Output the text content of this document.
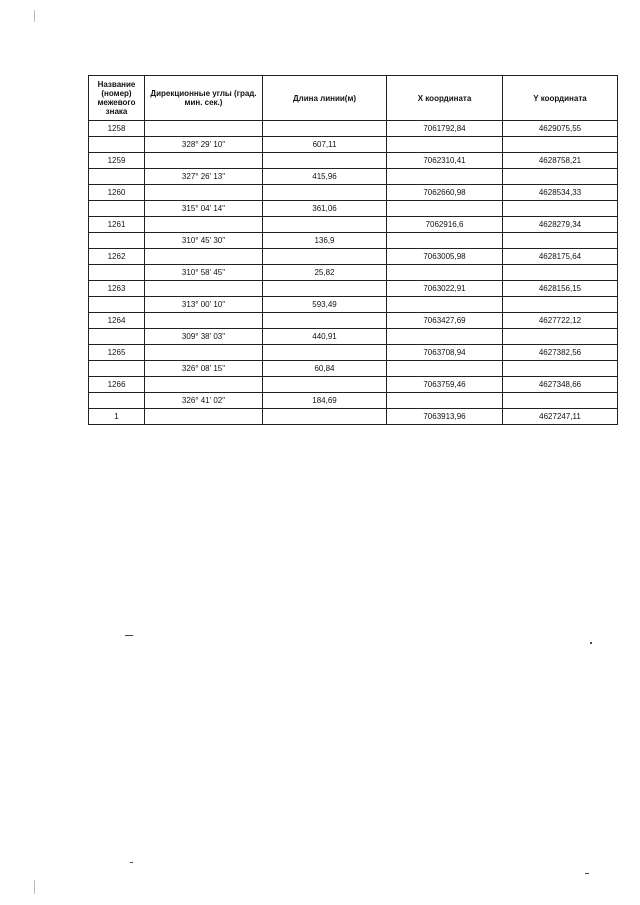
Название (номер) межевого знака	Дирекционные углы (град. мин. сек.)	Длина линии(м)	X координата	Y координата
1258			7061792,84	4629075,55
	328° 29' 10"	607,11		
1259			7062310,41	4628758,21
	327° 26' 13"	415,96		
1260			7062660,98	4628534,33
	315° 04' 14"	361,06		
1261			7062916,6	4628279,34
	310° 45' 30"	136,9		
1262			7063005,98	4628175,64
	310° 58' 45"	25,82		
1263			7063022,91	4628156,15
	313° 00' 10"	593,49		
1264			7063427,69	4627722,12
	309° 38' 03"	440,91		
1265			7063708,94	4627382,56
	326° 08' 15"	60,84		
1266			7063759,46	4627348,66
	326° 41' 02"	184,69		
1			7063913,96	4627247,11
